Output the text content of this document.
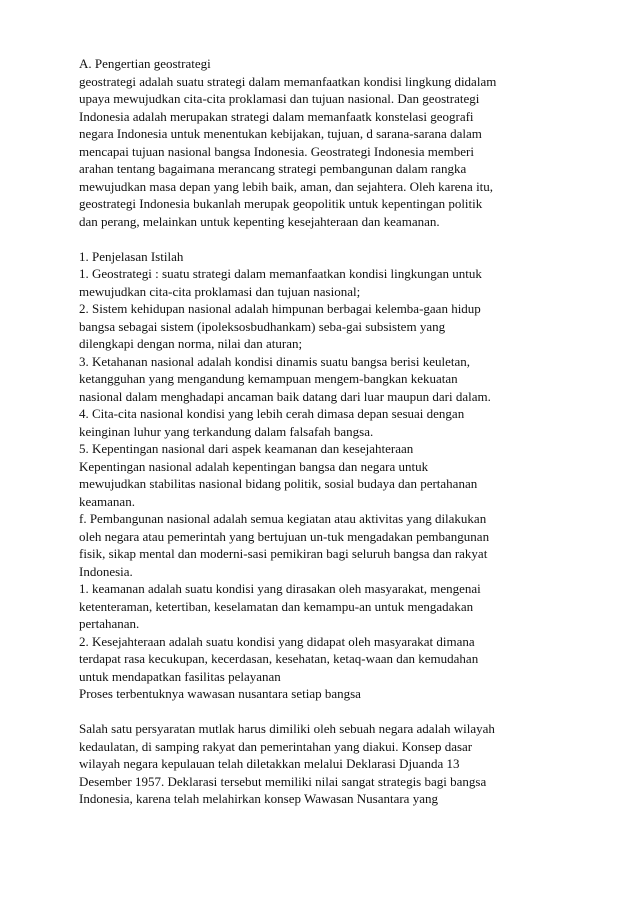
A. Pengertian geostrategi
geostrategi adalah suatu strategi dalam memanfaatkan kondisi lingkung didalam
upaya mewujudkan cita-cita proklamasi dan tujuan nasional. Dan geostrategi
Indonesia adalah merupakan strategi dalam memanfaatk konstelasi geografi
negara Indonesia untuk menentukan kebijakan, tujuan, d sarana-sarana dalam
mencapai tujuan nasional bangsa Indonesia. Geostrategi Indonesia memberi
arahan tentang bagaimana merancang strategi pembangunan dalam rangka
mewujudkan masa depan yang lebih baik, aman, dan sejahtera. Oleh karena itu,
geostrategi Indonesia bukanlah merupak geopolitik untuk kepentingan politik
dan perang, melainkan untuk kepenting kesejahteraan dan keamanan.
1. Penjelasan Istilah
1. Geostrategi : suatu strategi dalam memanfaatkan kondisi lingkungan untuk
mewujudkan cita-cita proklamasi dan tujuan nasional;
2. Sistem kehidupan nasional adalah himpunan berbagai kelemba-gaan hidup
bangsa sebagai sistem (ipoleksosbudhankam) seba-gai subsistem yang
dilengkapi dengan norma, nilai dan aturan;
3. Ketahanan nasional adalah kondisi dinamis suatu bangsa berisi keuletan,
ketangguhan yang mengandung kemampuan mengem-bangkan kekuatan
nasional dalam menghadapi ancaman baik datang dari luar maupun dari dalam.
4. Cita-cita nasional kondisi yang lebih cerah dimasa depan sesuai dengan
keinginan luhur yang terkandung dalam falsafah bangsa.
5. Kepentingan nasional dari aspek keamanan dan kesejahteraan
Kepentingan nasional adalah kepentingan bangsa dan negara untuk
mewujudkan stabilitas nasional bidang politik, sosial budaya dan pertahanan
keamanan.
f. Pembangunan nasional adalah semua kegiatan atau aktivitas yang dilakukan
oleh negara atau pemerintah yang bertujuan un-tuk mengadakan pembangunan
fisik, sikap mental dan moderni-sasi pemikiran bagi seluruh bangsa dan rakyat
Indonesia.
1. keamanan adalah suatu kondisi yang dirasakan oleh masyarakat, mengenai
ketenteraman, ketertiban, keselamatan dan kemampu-an untuk mengadakan
pertahanan.
2. Kesejahteraan adalah suatu kondisi yang didapat oleh masyarakat dimana
terdapat rasa kecukupan, kecerdasan, kesehatan, ketaq-waan dan kemudahan
untuk mendapatkan fasilitas pelayanan
Proses terbentuknya wawasan nusantara setiap bangsa
Salah satu persyaratan mutlak harus dimiliki oleh sebuah negara adalah wilayah
kedaulatan, di samping rakyat dan pemerintahan yang diakui. Konsep dasar
wilayah negara kepulauan telah diletakkan melalui Deklarasi Djuanda 13
Desember 1957. Deklarasi tersebut memiliki nilai sangat strategis bagi bangsa
Indonesia, karena telah melahirkan konsep Wawasan Nusantara yang
